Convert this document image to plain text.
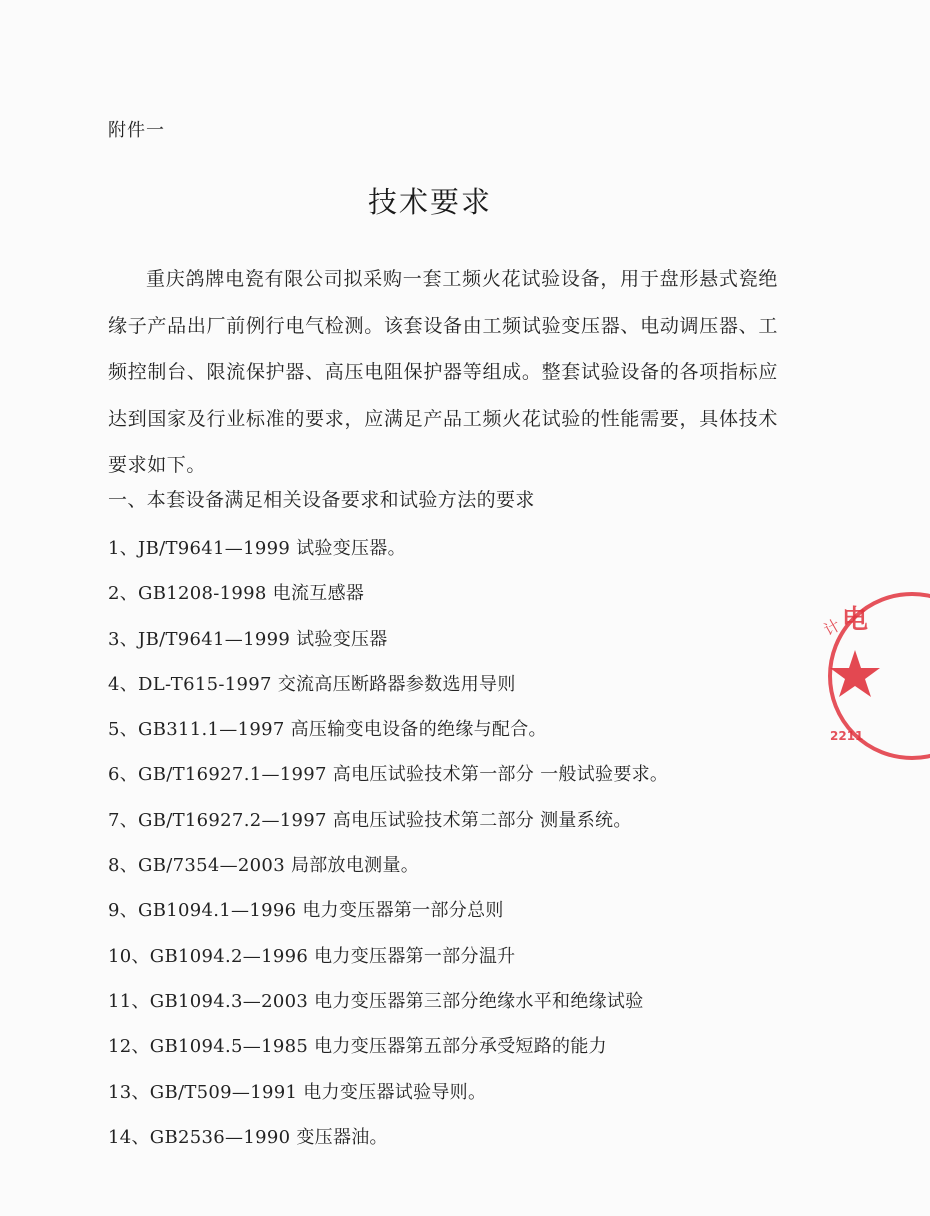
附件一
技术要求

重庆鸽牌电瓷有限公司拟采购一套工频火花试验设备，用于盘形悬式瓷绝缘子产品出厂前例行电气检测。该套设备由工频试验变压器、电动调压器、工频控制台、限流保护器、高压电阻保护器等组成。整套试验设备的各项指标应达到国家及行业标准的要求，应满足产品工频火花试验的性能需要，具体技术要求如下。

一、本套设备满足相关设备要求和试验方法的要求
1、JB/T9641—1999 试验变压器。
2、GB1208-1998 电流互感器
3、JB/T9641—1999 试验变压器
4、DL-T615-1997 交流高压断路器参数选用导则
5、GB311.1—1997 高压输变电设备的绝缘与配合。
6、GB/T16927.1—1997 高电压试验技术第一部分 一般试验要求。
7、GB/T16927.2—1997 高电压试验技术第二部分 测量系统。
8、GB/7354—2003 局部放电测量。
9、GB1094.1—1996 电力变压器第一部分总则
10、GB1094.2—1996 电力变压器第一部分温升
11、GB1094.3—2003 电力变压器第三部分绝缘水平和绝缘试验
12、GB1094.5—1985 电力变压器第五部分承受短路的能力
13、GB/T509—1991 电力变压器试验导则。
14、GB2536—1990 变压器油。
电
计
2211
